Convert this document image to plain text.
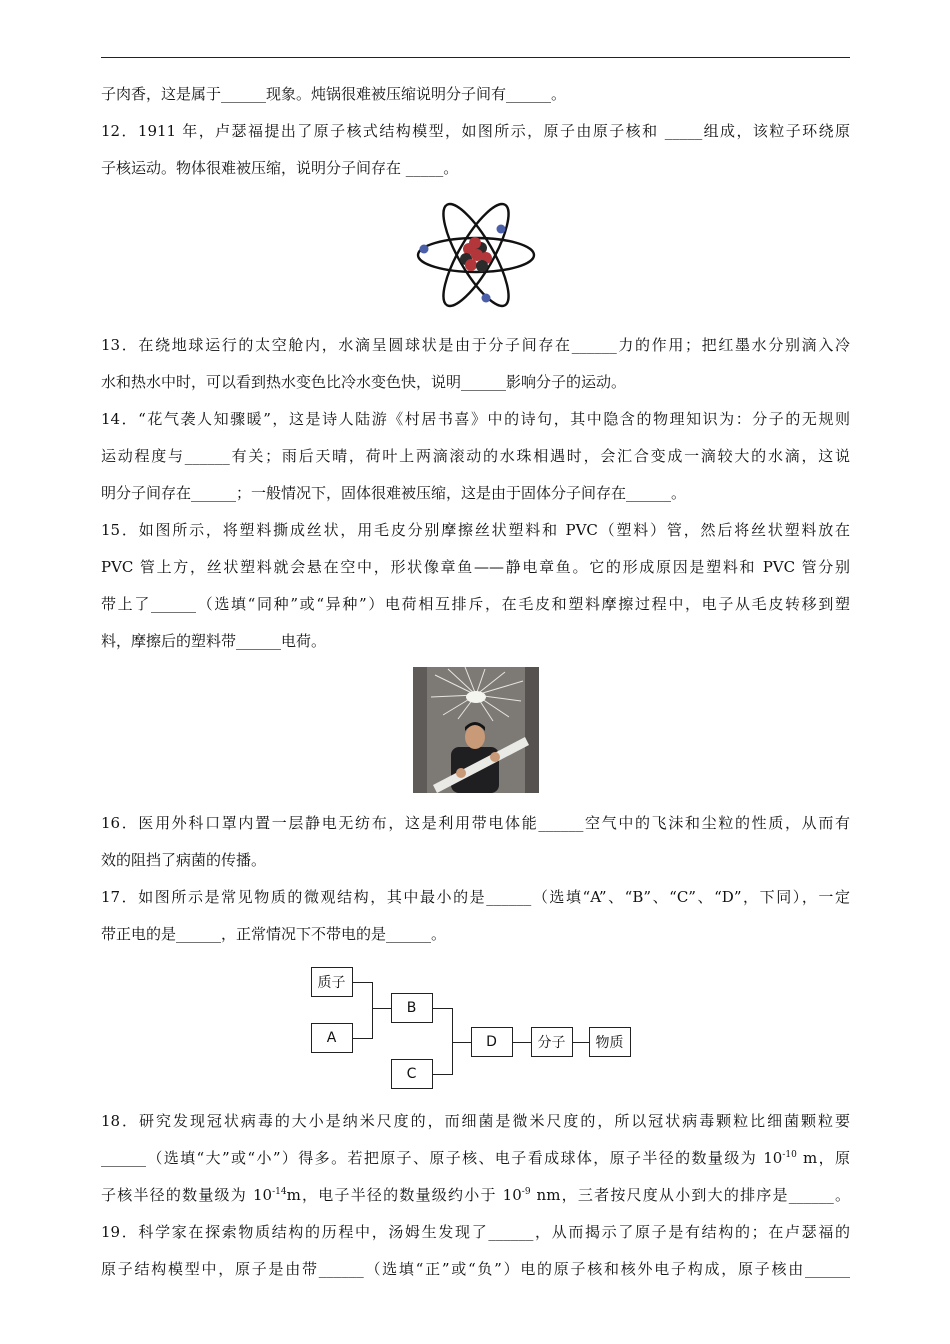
子肉香，这是属于______现象。炖锅很难被压缩说明分子间有______。
12．1911 年，卢瑟福提出了原子核式结构模型，如图所示，原子由原子核和 _____组成，该粒子环绕原
子核运动。物体很难被压缩，说明分子间存在 _____。
13．在绕地球运行的太空舱内，水滴呈圆球状是由于分子间存在______力的作用；把红墨水分别滴入冷
水和热水中时，可以看到热水变色比冷水变色快，说明______影响分子的运动。
14．“花气袭人知骤暖”，这是诗人陆游《村居书喜》中的诗句，其中隐含的物理知识为：分子的无规则
运动程度与______有关；雨后天晴，荷叶上两滴滚动的水珠相遇时，会汇合变成一滴较大的水滴，这说
明分子间存在______；一般情况下，固体很难被压缩，这是由于固体分子间存在______。
15．如图所示，将塑料撕成丝状，用毛皮分别摩擦丝状塑料和 PVC（塑料）管，然后将丝状塑料放在
PVC 管上方，丝状塑料就会悬在空中，形状像章鱼——静电章鱼。它的形成原因是塑料和 PVC 管分别
带上了______（选填“同种”或“异种”）电荷相互排斥，在毛皮和塑料摩擦过程中，电子从毛皮转移到塑
料，摩擦后的塑料带______电荷。
16．医用外科口罩内置一层静电无纺布，这是利用带电体能______空气中的飞沫和尘粒的性质，从而有
效的阻挡了病菌的传播。
17．如图所示是常见物质的微观结构，其中最小的是______（选填“A”、“B”、“C”、“D”，下同），一定
带正电的是______，正常情况下不带电的是______。
质子
A
B
C
D	分子	物质
18．研究发现冠状病毒的大小是纳米尺度的，而细菌是微米尺度的，所以冠状病毒颗粒比细菌颗粒要
______（选填“大”或“小”）得多。若把原子、原子核、电子看成球体，原子半径的数量级为 $10^{-10}$ m，原
子核半径的数量级为 $10^{-14}m$，电子半径的数量级约小于 $10^{-9}$ nm，三者按尺度从小到大的排序是______。
19．科学家在探索物质结构的历程中，汤姆生发现了______，从而揭示了原子是有结构的；在卢瑟福的
原子结构模型中，原子是由带______（选填“正”或“负”）电的原子核和核外电子构成，原子核由______
